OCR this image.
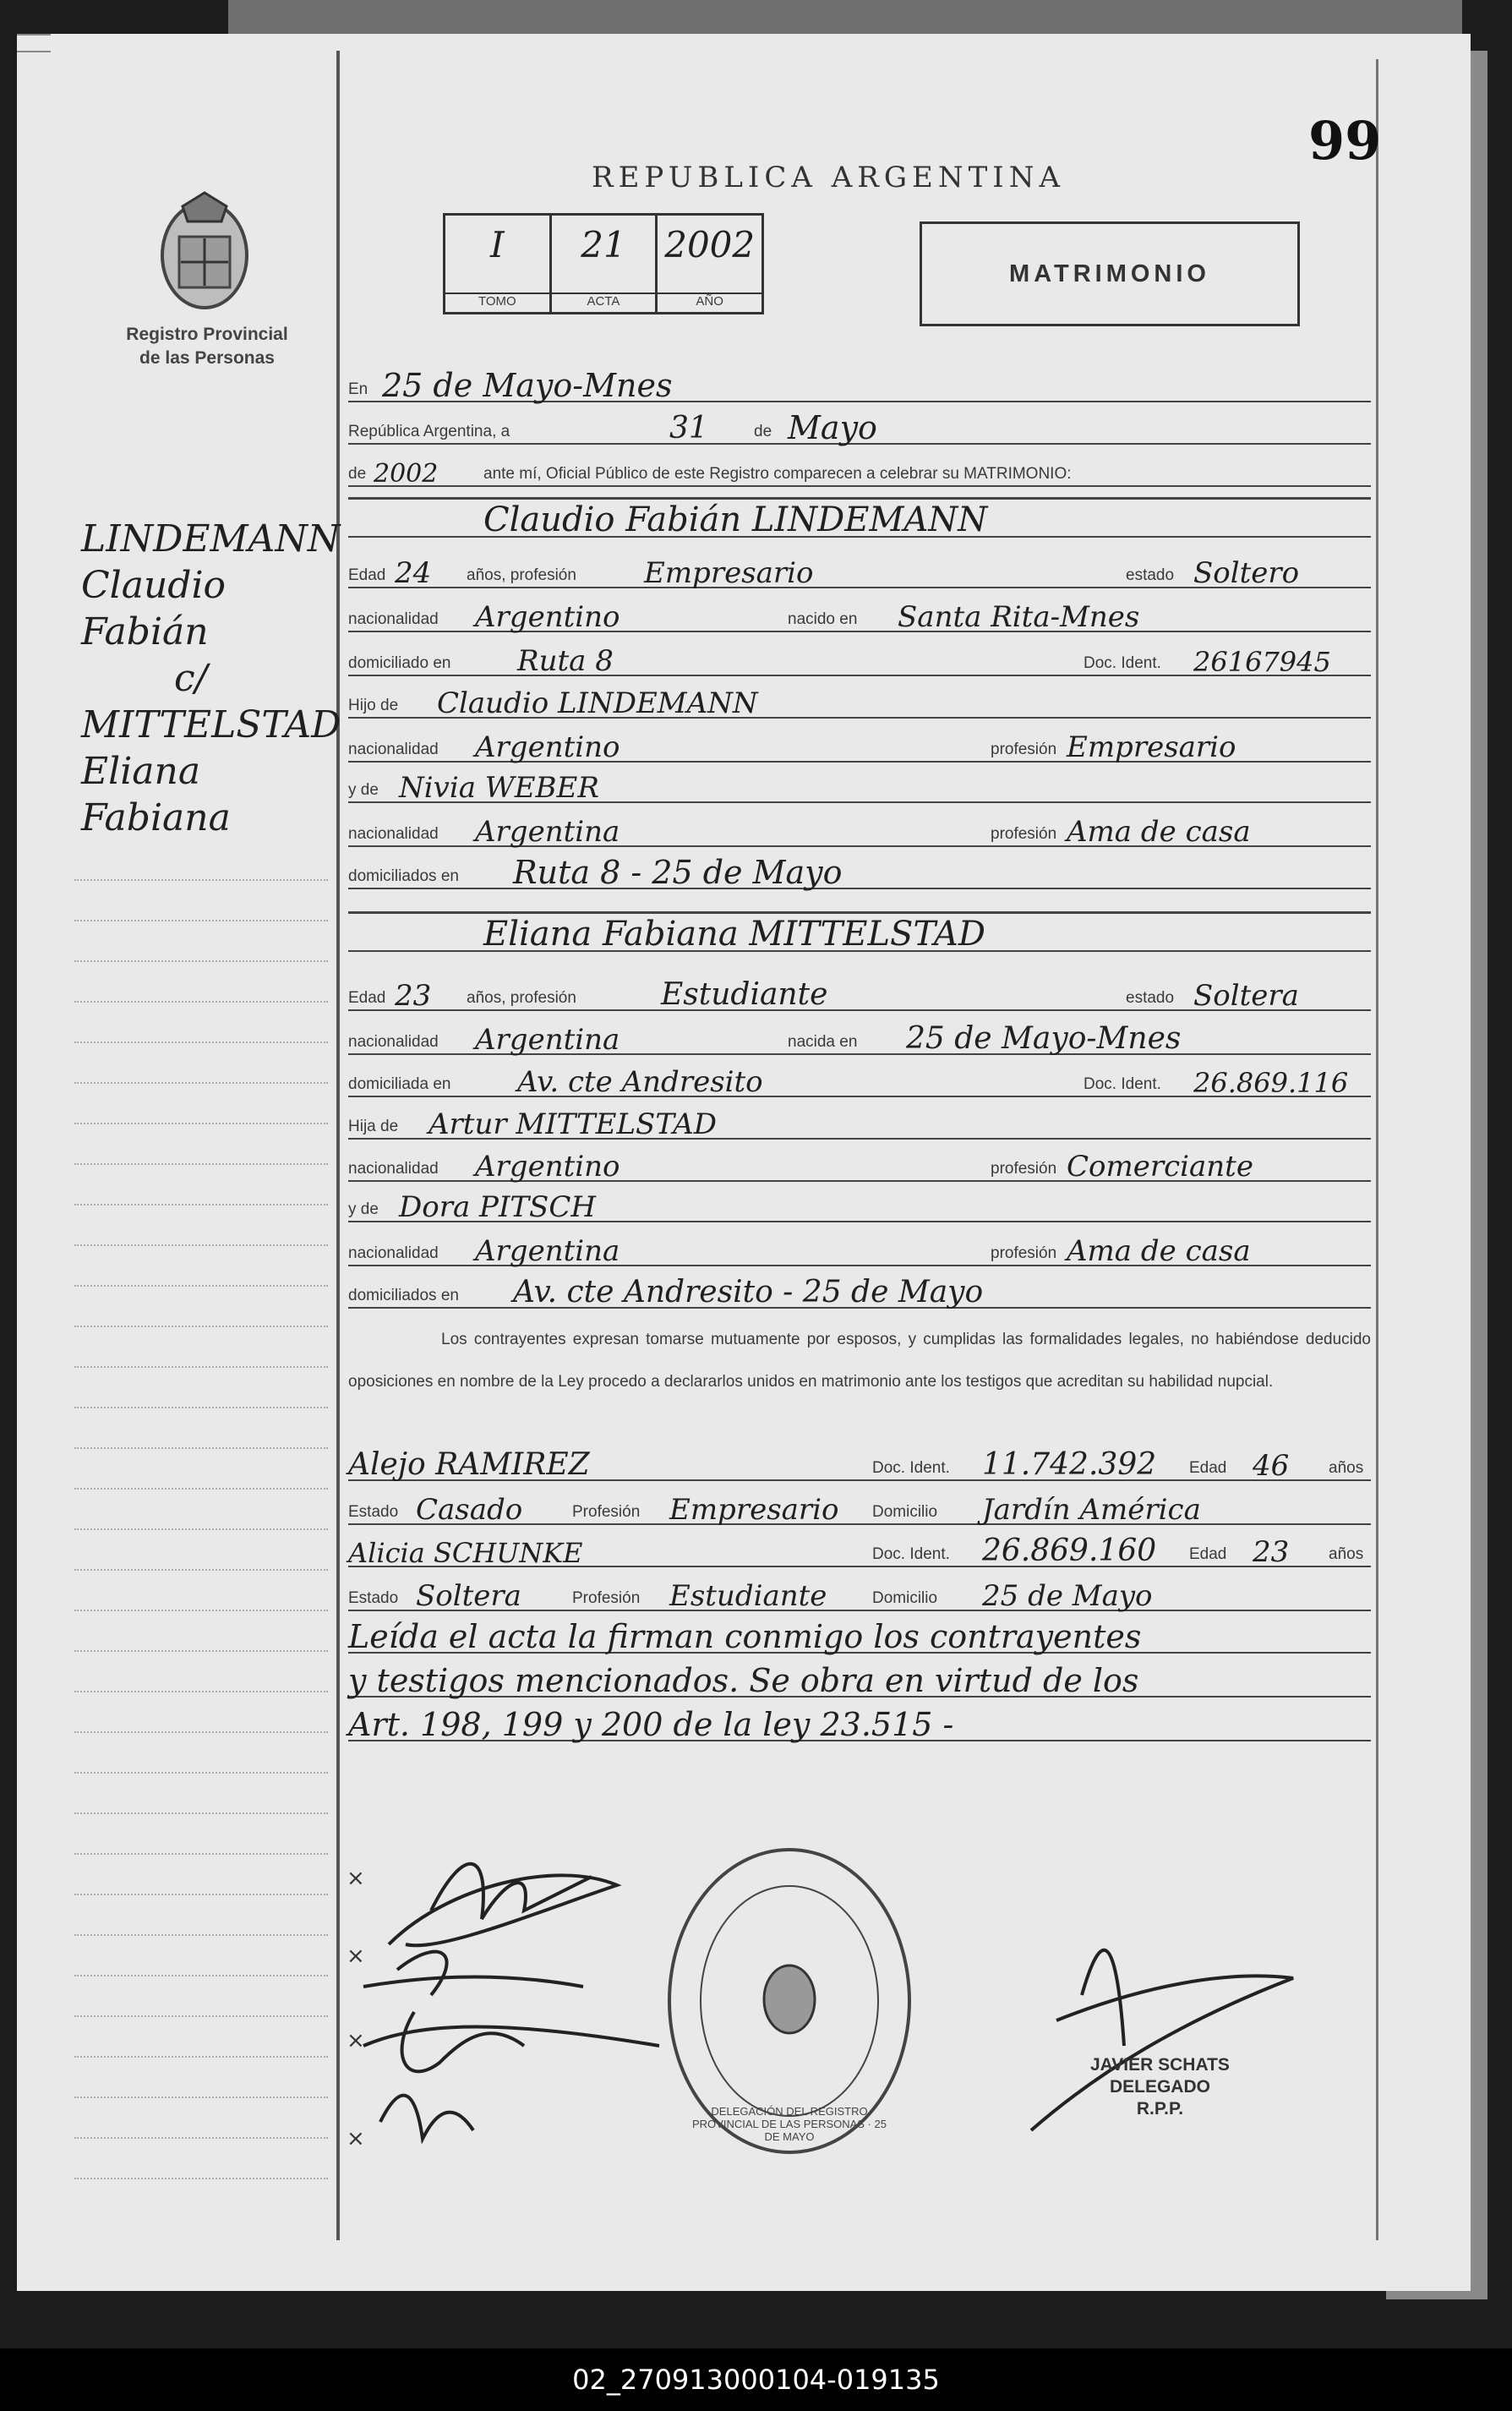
99
Registro Provincial
de las Personas
REPUBLICA ARGENTINA
I
TOMO
21
ACTA
2002
AÑO
MATRIMONIO
En 25 de Mayo-Mnes
República Argentina, a	31	de Mayo
de 2002	ante mí, Oficial Público de este Registro comparecen a celebrar su MATRIMONIO:
Claudio Fabián LINDEMANN
Edad 24 años, profesión Empresario	estado Soltero
nacionalidad Argentino	nacido en Santa Rita-Mnes
domiciliado en Ruta 8	Doc. Ident. 26167945
Hijo de Claudio LINDEMANN
nacionalidad Argentino	profesión Empresario
y de Nivia WEBER
nacionalidad Argentina	profesión Ama de casa
domiciliados en Ruta 8 - 25 de Mayo
Eliana Fabiana MITTELSTAD
Edad 23 años, profesión	Estudiante	estado Soltera
nacionalidad Argentina	nacida en 25 de Mayo-Mnes
domiciliada en Av. cte Andresito	Doc. Ident. 26.869.116
Hija de Artur MITTELSTAD
nacionalidad Argentino	profesión Comerciante
y de Dora PITSCH
nacionalidad Argentina	profesión Ama de casa
domiciliados en Av. cte Andresito - 25 de Mayo
Alejo RAMIREZ	Doc. Ident. 11.742.392 Edad 46 años
Estado Casado	Profesión Empresario Domicilio Jardín América
Alicia SCHUNKE	Doc. Ident. 26.869.160 Edad 23 años
Estado Soltera	Profesión Estudiante	Domicilio 25 de Mayo
Leída el acta la firman conmigo los contrayentes
y testigos mencionados. Se obra en virtud de los
Art. 198, 199 y 200 de la ley 23.515 -
Los contrayentes expresan tomarse mutuamente por esposos, y cumplidas las formalidades legales, no habiéndose deducido oposiciones en nombre de la Ley procedo a declararlos unidos en matrimonio ante los testigos que acreditan su habilidad nupcial.
LINDEMANN
Claudio
Fabián
c/
MITTELSTAD
Eliana
Fabiana
×
×
×
×
DELEGACIÓN DEL REGISTRO PROVINCIAL DE LAS PERSONAS · 25 DE MAYO
JAVIER SCHATS
DELEGADO
R.P.P.
02_270913000104-019135
